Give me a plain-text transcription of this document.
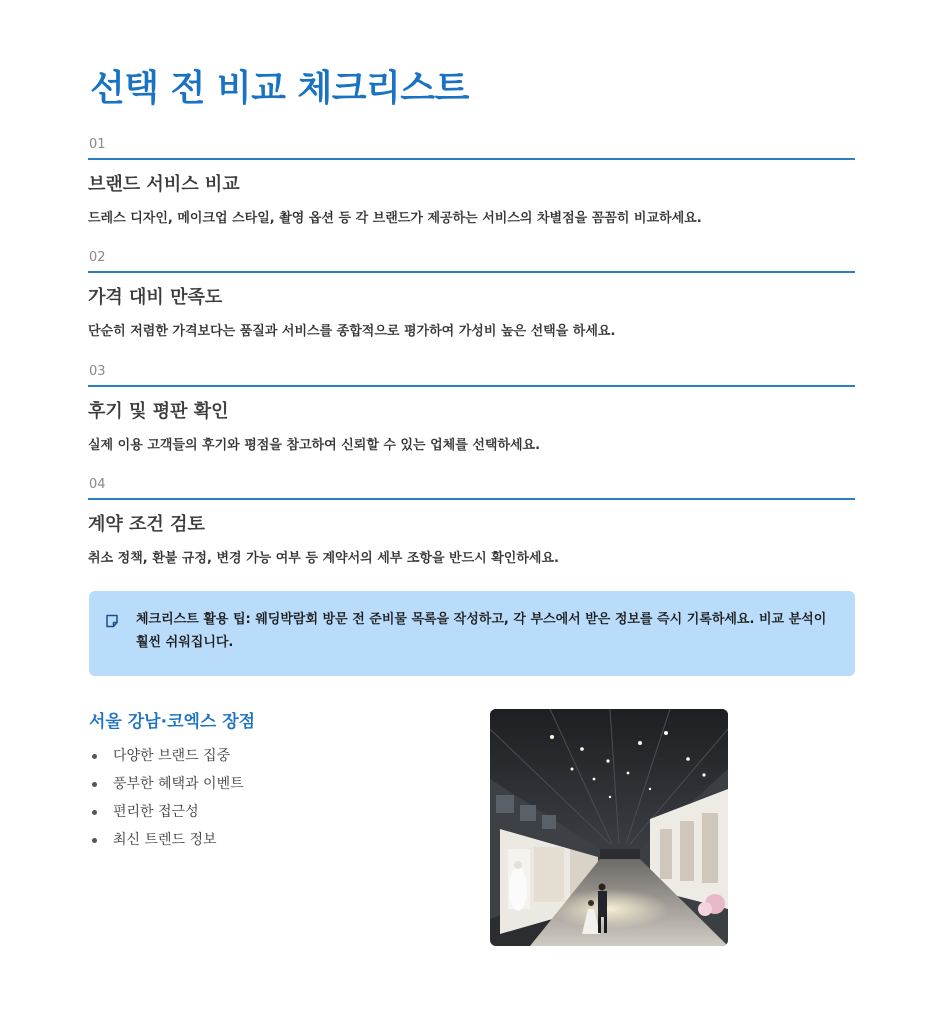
선택 전 비교 체크리스트
01
브랜드 서비스 비교
드레스 디자인, 메이크업 스타일, 촬영 옵션 등 각 브랜드가 제공하는 서비스의 차별점을 꼼꼼히 비교하세요.
02
가격 대비 만족도
단순히 저렴한 가격보다는 품질과 서비스를 종합적으로 평가하여 가성비 높은 선택을 하세요.
03
후기 및 평판 확인
실제 이용 고객들의 후기와 평점을 참고하여 신뢰할 수 있는 업체를 선택하세요.
04
계약 조건 검토
취소 정책, 환불 규정, 변경 가능 여부 등 계약서의 세부 조항을 반드시 확인하세요.

체크리스트 활용 팁: 웨딩박람회 방문 전 준비물 목록을 작성하고, 각 부스에서 받은 정보를 즉시 기록하세요. 비교 분석이 훨씬 쉬워집니다.

서울 강남·코엑스 장점
다양한 브랜드 집중
풍부한 혜택과 이벤트
편리한 접근성
최신 트렌드 정보
